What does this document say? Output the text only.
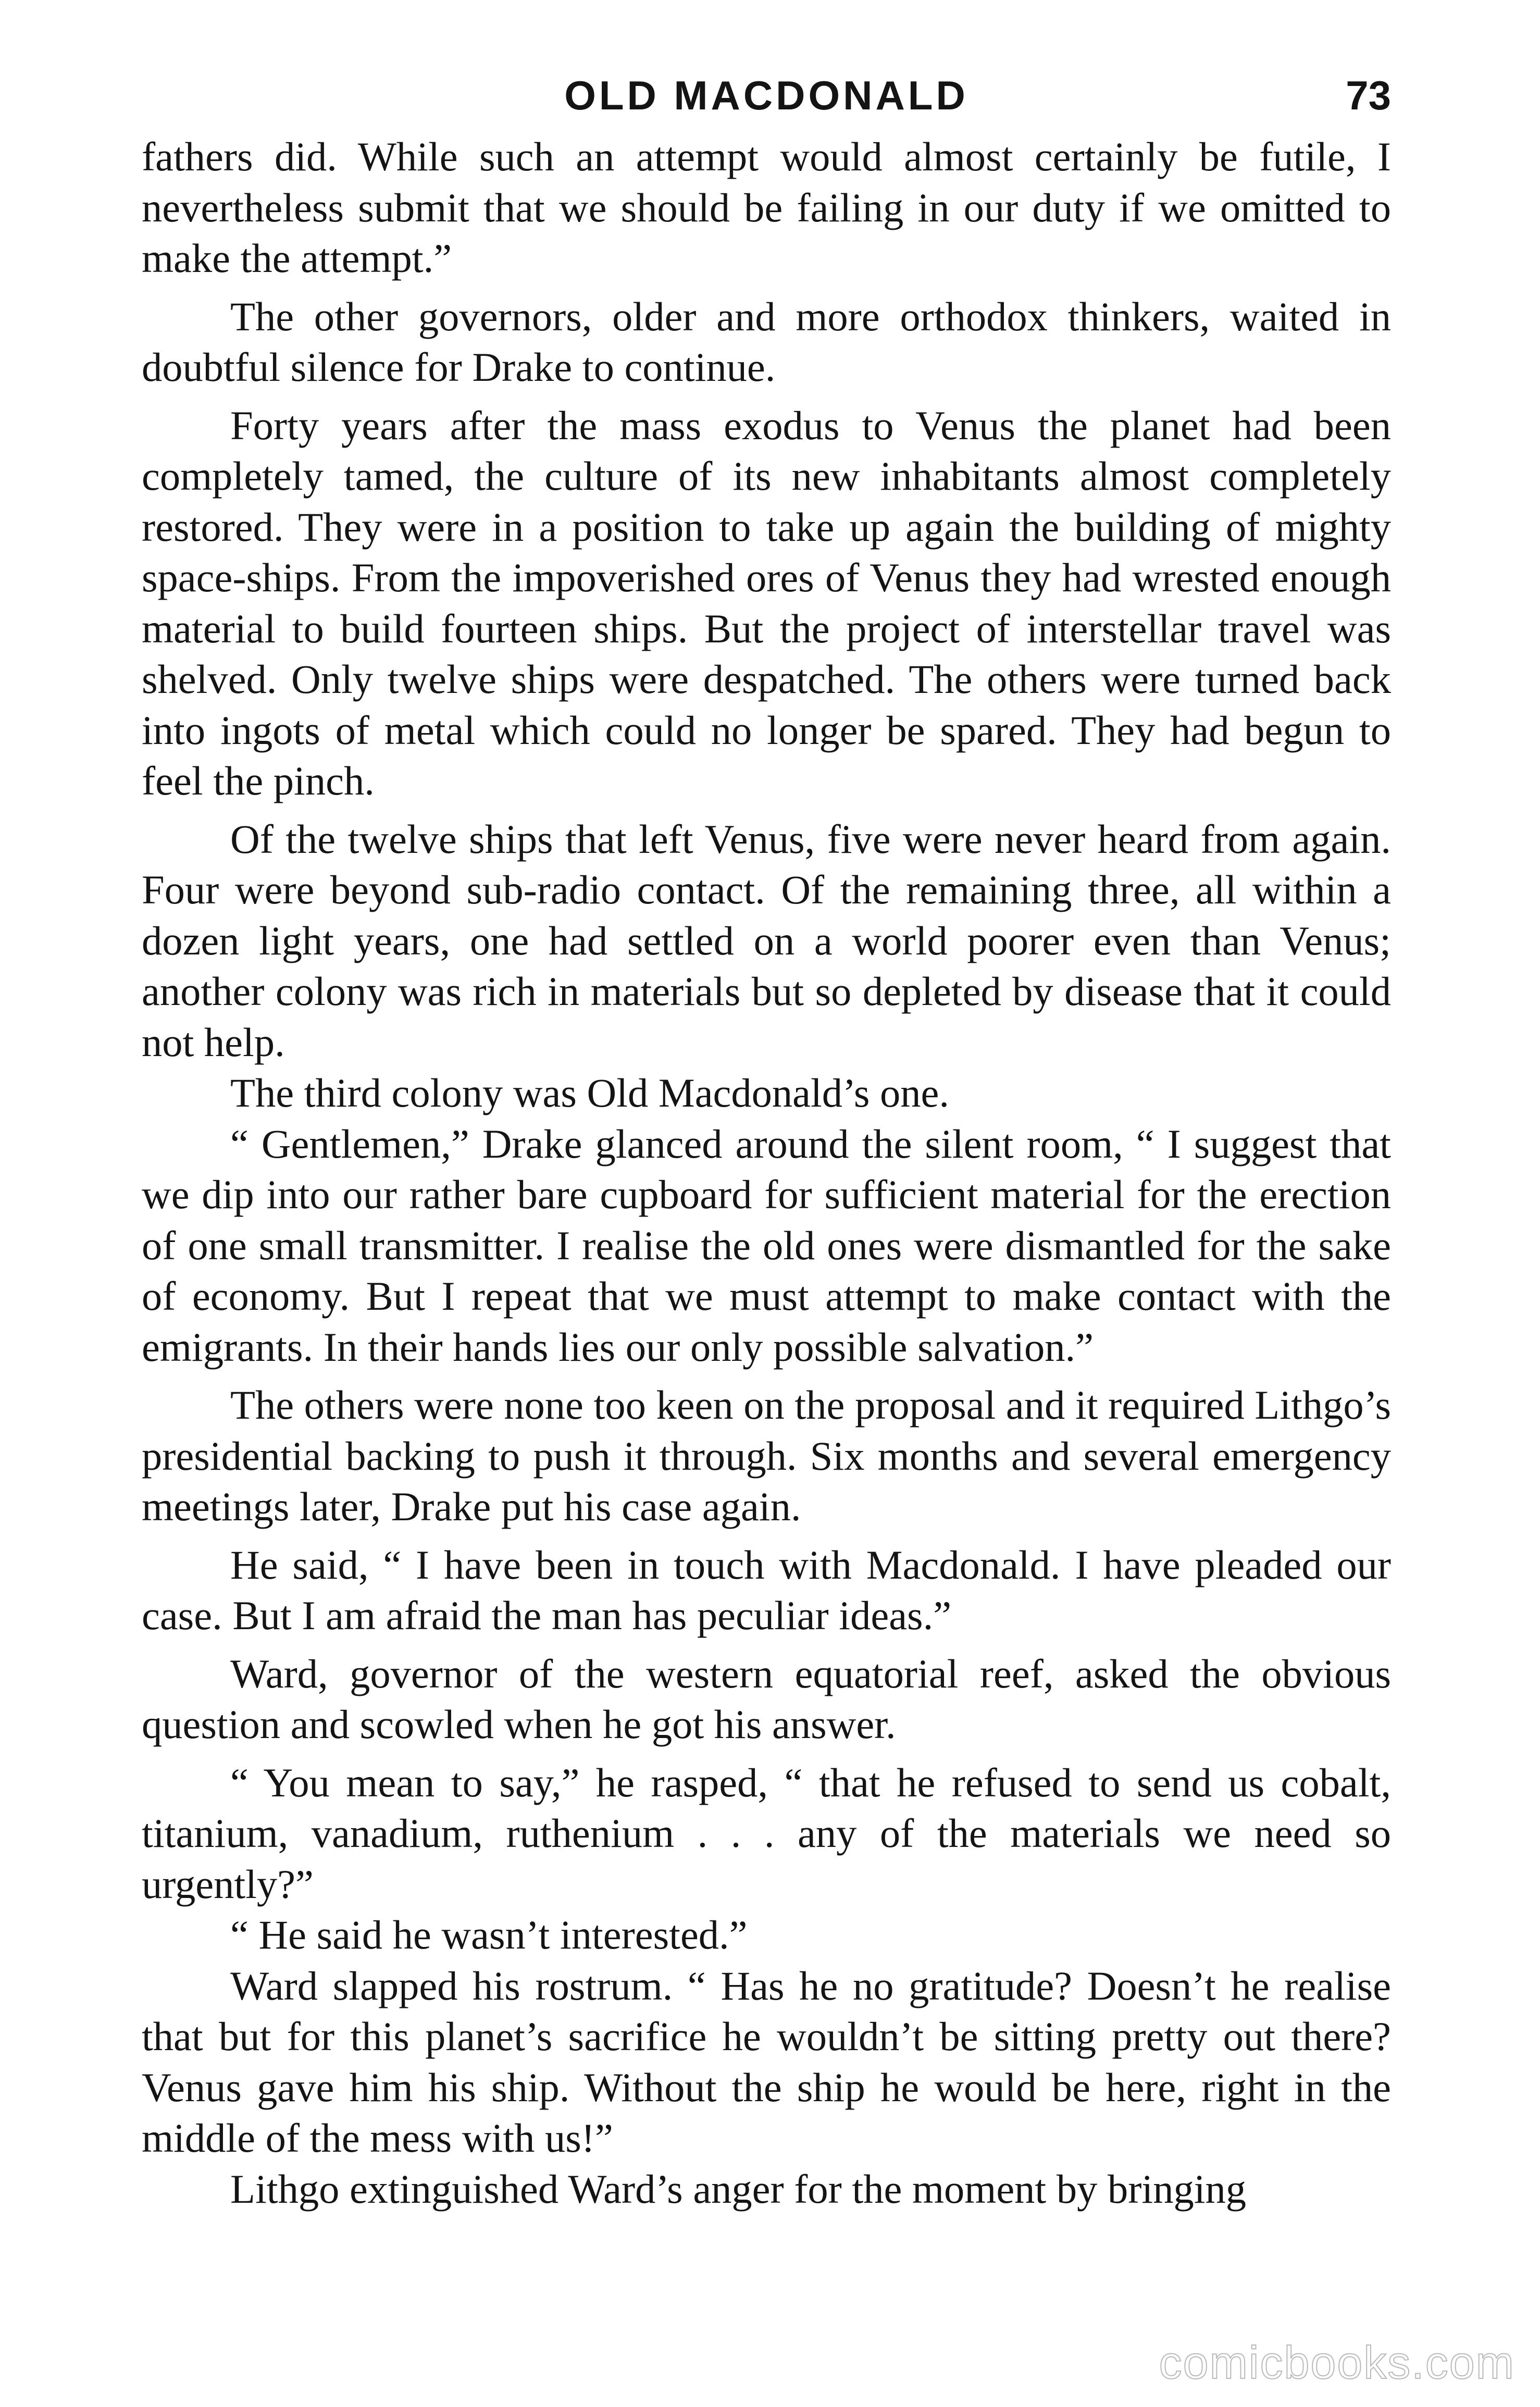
OLD MACDONALD	73

fathers did. While such an attempt would almost certainly be futile, I nevertheless submit that we should be failing in our duty if we omitted to make the attempt.”

The other governors, older and more orthodox thinkers, waited in doubtful silence for Drake to continue.

Forty years after the mass exodus to Venus the planet had been completely tamed, the culture of its new inhabitants almost completely restored. They were in a position to take up again the building of mighty space-ships. From the impoverished ores of Venus they had wrested enough material to build fourteen ships. But the project of interstellar travel was shelved. Only twelve ships were despatched. The others were turned back into ingots of metal which could no longer be spared. They had begun to feel the pinch.

Of the twelve ships that left Venus, five were never heard from again. Four were beyond sub-radio contact. Of the remaining three, all within a dozen light years, one had settled on a world poorer even than Venus; another colony was rich in materials but so depleted by disease that it could not help.

The third colony was Old Macdonald’s one.

“ Gentlemen,” Drake glanced around the silent room, “ I suggest that we dip into our rather bare cupboard for sufficient material for the erection of one small transmitter. I realise the old ones were dismantled for the sake of economy. But I repeat that we must attempt to make contact with the emigrants. In their hands lies our only possible salvation.”

The others were none too keen on the proposal and it required Lithgo’s presidential backing to push it through. Six months and several emergency meetings later, Drake put his case again.

He said, “ I have been in touch with Macdonald. I have pleaded our case. But I am afraid the man has peculiar ideas.”

Ward, governor of the western equatorial reef, asked the obvious question and scowled when he got his answer.

“ You mean to say,” he rasped, “ that he refused to send us cobalt, titanium, vanadium, ruthenium . . . any of the materials we need so urgently?”

“ He said he wasn’t interested.”

Ward slapped his rostrum. “ Has he no gratitude? Doesn’t he realise that but for this planet’s sacrifice he wouldn’t be sitting pretty out there? Venus gave him his ship. Without the ship he would be here, right in the middle of the mess with us!”

Lithgo extinguished Ward’s anger for the moment by bringing

comicbooks.com
